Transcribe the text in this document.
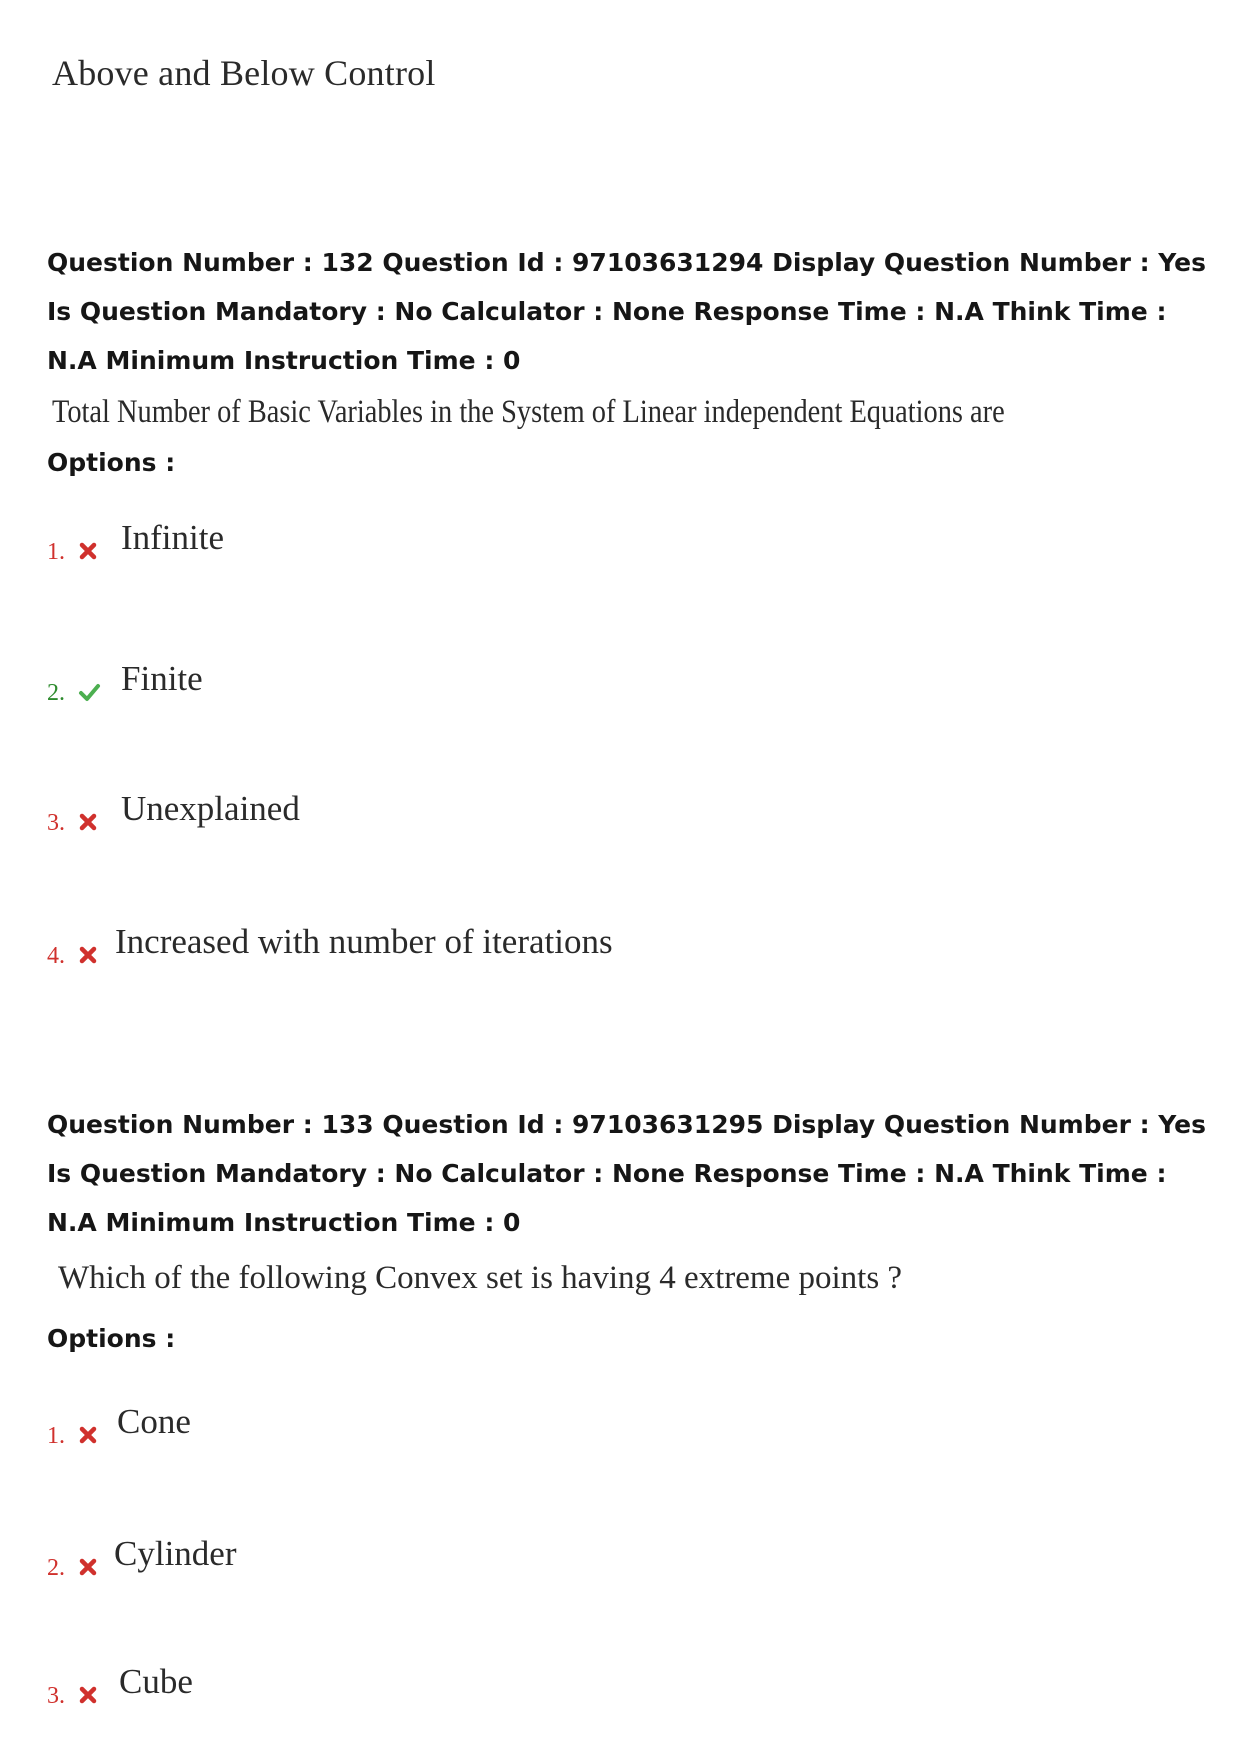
Above and Below Control
Question Number : 132 Question Id : 97103631294 Display Question Number : Yes Is Question Mandatory : No Calculator : None Response Time : N.A Think Time : N.A Minimum Instruction Time : 0
Total Number of Basic Variables in the System of Linear independent Equations are
Options :
1. Infinite
2. Finite
3. Unexplained
4. Increased with number of iterations
Question Number : 133 Question Id : 97103631295 Display Question Number : Yes Is Question Mandatory : No Calculator : None Response Time : N.A Think Time : N.A Minimum Instruction Time : 0
Which of the following Convex set is having 4 extreme points ?
Options :
1. Cone
2. Cylinder
3. Cube
